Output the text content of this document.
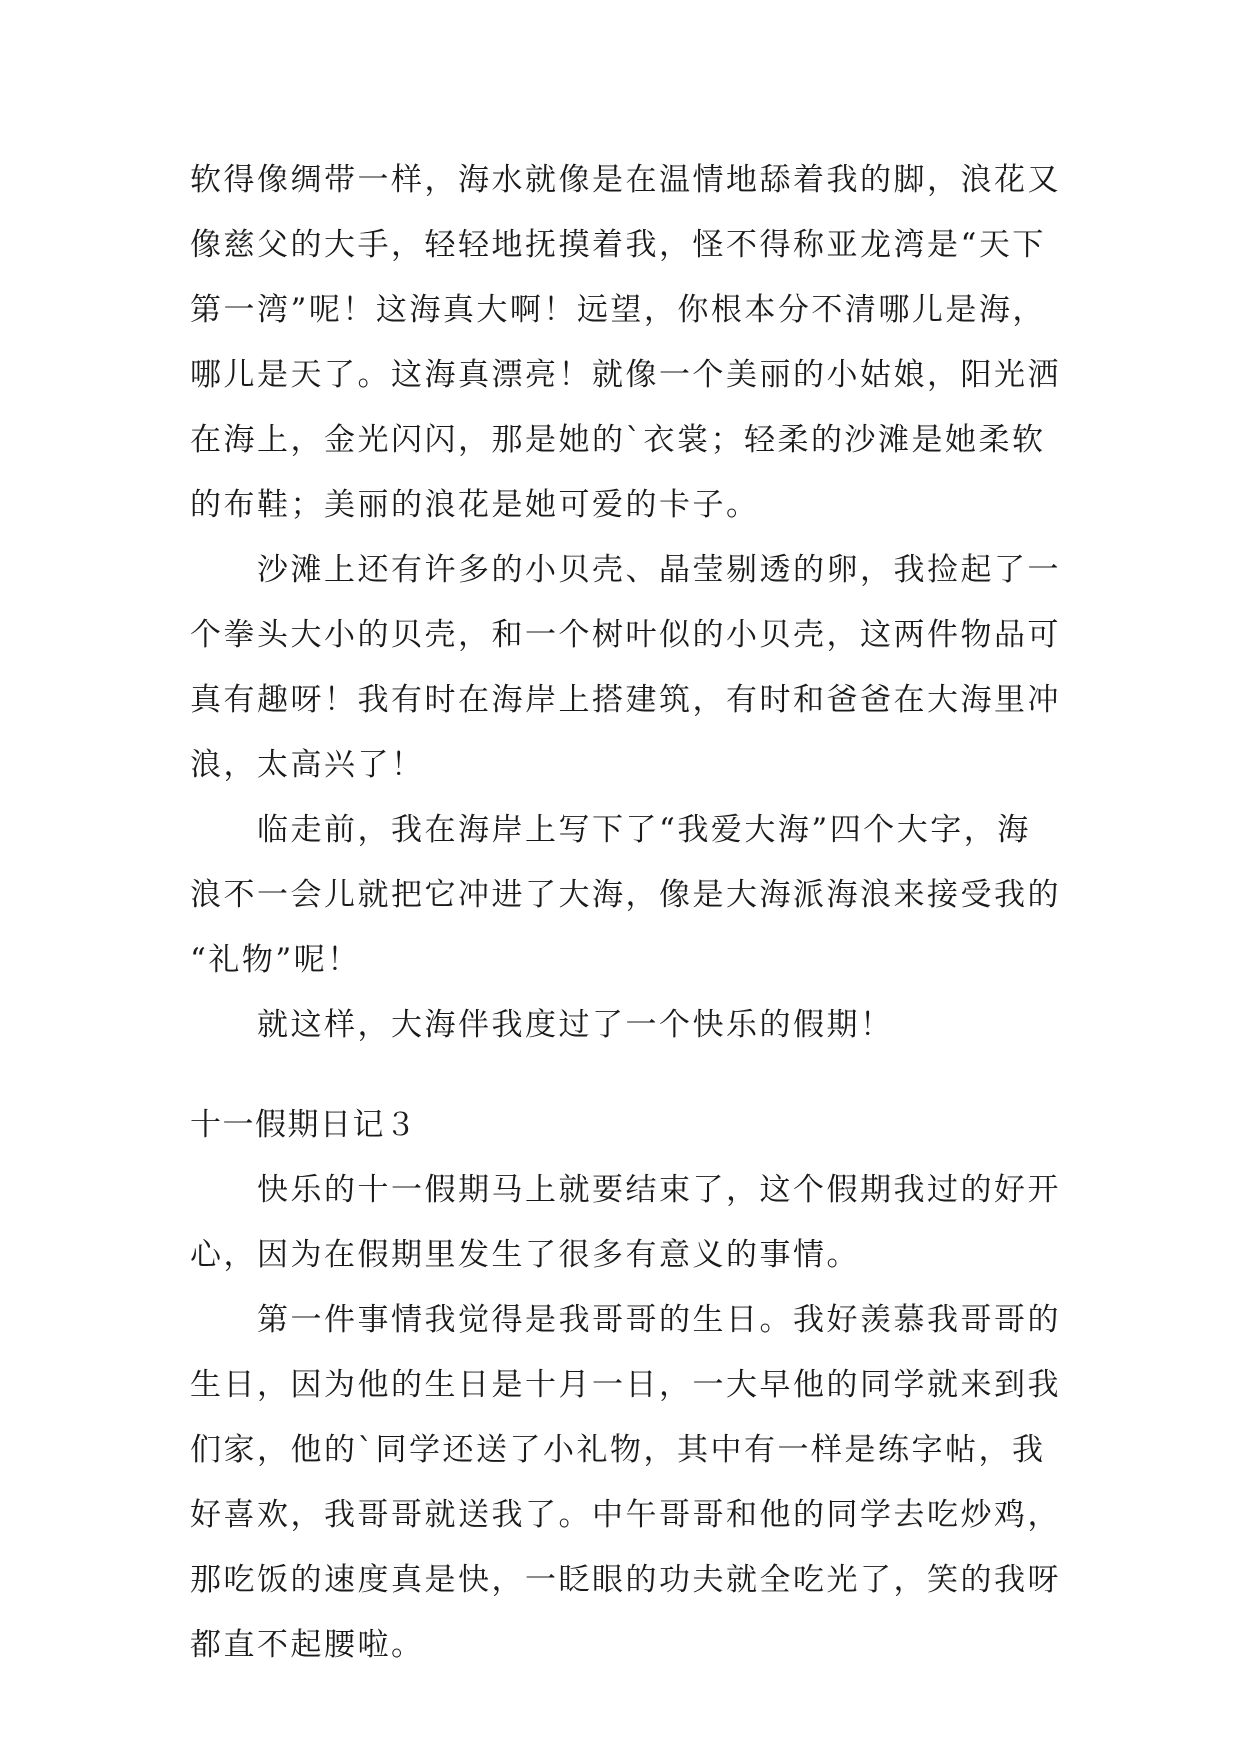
软得像绸带一样，海水就像是在温情地舔着我的脚，浪花又

像慈父的大手，轻轻地抚摸着我，怪不得称亚龙湾是“天下

第一湾”呢！这海真大啊！远望，你根本分不清哪儿是海，

哪儿是天了。这海真漂亮！就像一个美丽的小姑娘，阳光洒

在海上，金光闪闪，那是她的`衣裳；轻柔的沙滩是她柔软

的布鞋；美丽的浪花是她可爱的卡子。

　　沙滩上还有许多的小贝壳、晶莹剔透的卵，我捡起了一

个拳头大小的贝壳，和一个树叶似的小贝壳，这两件物品可

真有趣呀！我有时在海岸上搭建筑，有时和爸爸在大海里冲

浪，太高兴了！

　　临走前，我在海岸上写下了“我爱大海”四个大字，海

浪不一会儿就把它冲进了大海，像是大海派海浪来接受我的

“礼物”呢！

　　就这样，大海伴我度过了一个快乐的假期！

十一假期日记３

　　快乐的十一假期马上就要结束了，这个假期我过的好开

心，因为在假期里发生了很多有意义的事情。

　　第一件事情我觉得是我哥哥的生日。我好羡慕我哥哥的

生日，因为他的生日是十月一日，一大早他的同学就来到我

们家，他的`同学还送了小礼物，其中有一样是练字帖，我

好喜欢，我哥哥就送我了。中午哥哥和他的同学去吃炒鸡，

那吃饭的速度真是快，一眨眼的功夫就全吃光了，笑的我呀

都直不起腰啦。
